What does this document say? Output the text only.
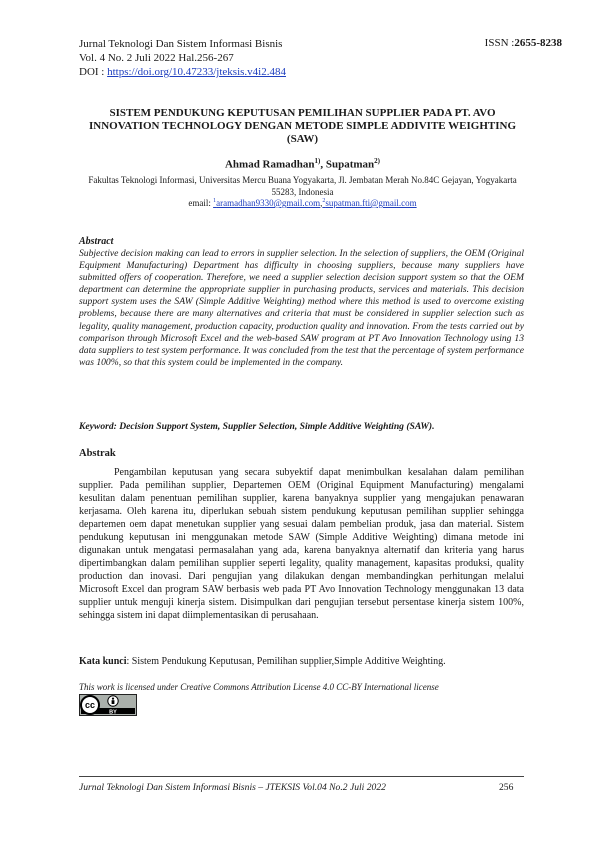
Jurnal Teknologi Dan Sistem Informasi Bisnis
Vol. 4 No. 2 Juli 2022 Hal.256-267
DOI : https://doi.org/10.47233/jteksis.v4i2.484
ISSN :2655-8238
SISTEM PENDUKUNG KEPUTUSAN PEMILIHAN SUPPLIER PADA PT. AVO INNOVATION TECHNOLOGY DENGAN METODE SIMPLE ADDIVITE WEIGHTING (SAW)
Ahmad Ramadhan$^{1)}$, Supatman$^{2)}$
Fakultas Teknologi Informasi, Universitas Mercu Buana Yogyakarta, Jl. Jembatan Merah No.84C Gejayan, Yogyakarta 55283, Indonesia
email: $^1$aramadhan9330@gmail.com,$^2$supatman.fti@gmail.com
Abstract
Subjective decision making can lead to errors in supplier selection. In the selection of suppliers, the OEM (Original Equipment Manufacturing) Department has difficulty in choosing suppliers, because many suppliers have submitted offers of cooperation. Therefore, we need a supplier selection decision support system so that the OEM department can determine the appropriate supplier in purchasing products, services and materials. This decision support system uses the SAW (Simple Additive Weighting) method where this method is used to overcome existing problems, because there are many alternatives and criteria that must be considered in supplier selection such as legality, quality management, production capacity, production quality and innovation. From the tests carried out by comparison through Microsoft Excel and the web-based SAW program at PT Avo Innovation Technology using 13 data suppliers to test system performance. It was concluded from the test that the percentage of system performance was 100%, so that this system could be implemented in the company.
Keyword: Decision Support System, Supplier Selection, Simple Additive Weighting (SAW).
Abstrak
Pengambilan keputusan yang secara subyektif dapat menimbulkan kesalahan dalam pemilihan supplier. Pada pemilihan supplier, Departemen OEM (Original Equipment Manufacturing) mengalami kesulitan dalam penentuan pemilihan supplier, karena banyaknya supplier yang mengajukan penawaran kerjasama. Oleh karena itu, diperlukan sebuah sistem pendukung keputusan pemilihan supplier sehingga departemen oem dapat menetukan supplier yang sesuai dalam pembelian produk, jasa dan material. Sistem pendukung keputusan ini menggunakan metode SAW (Simple Additive Weighting) dimana metode ini digunakan untuk mengatasi permasalahan yang ada, karena banyaknya alternatif dan kriteria yang harus dipertimbangkan dalam pemilihan supplier seperti legality, quality management, kapasitas produksi, quality production dan inovasi. Dari pengujian yang dilakukan dengan membandingkan perhitungan melalui Microsoft Excel dan program SAW berbasis web pada PT Avo Innovation Technology menggunakan 13 data supplier untuk menguji kinerja sistem. Disimpulkan dari pengujian tersebut persentase kinerja sistem 100%, sehingga sistem ini dapat diimplementasikan di perusahaan.
Kata kunci: Sistem Pendukung Keputusan, Pemilihan supplier,Simple Additive Weighting.
This work is licensed under Creative Commons Attribution License 4.0 CC-BY International license
cc
BY
Jurnal Teknologi Dan Sistem Informasi Bisnis – JTEKSIS Vol.04 No.2 Juli 2022	256
